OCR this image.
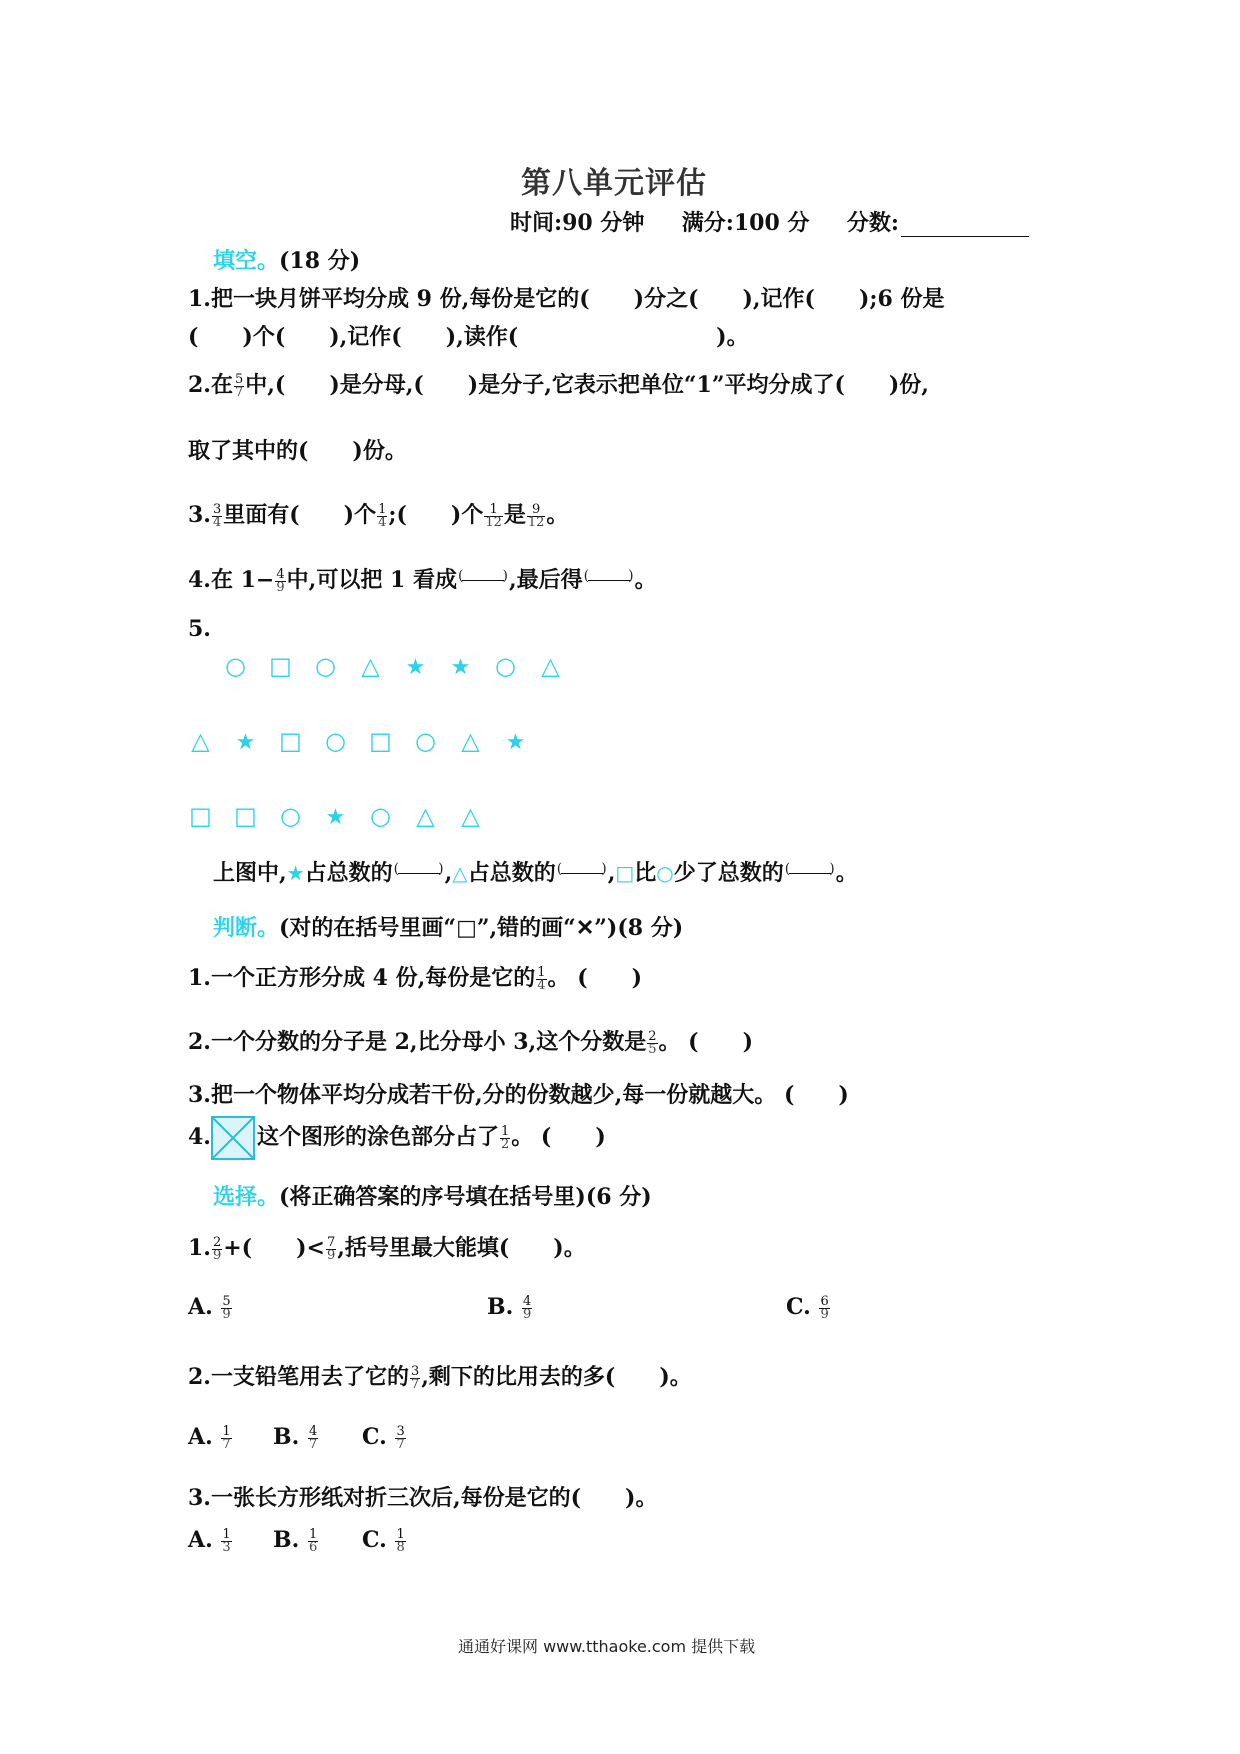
第八单元评估
时间:90 分钟 满分:100 分 分数:
填空。(18 分)
1.把一块月饼平均分成 9 份,每份是它的(　　)分之(　　),记作(　　);6 份是
(　　)个(　　),记作(　　),读作(　　　　　　　　　)。
2.在 $\frac{5}{7}$ 中,(　　)是分母,(　　)是分子,它表示把单位“1”平均分成了(　　)份,
取了其中的(　　)份。
3. $\frac{3}{4}$ 里面有(　　)个 $\frac{1}{4}$ ;(　　)个 $\frac{1}{12}$ 是 $\frac{9}{12}$ 。
4.在 $1- \frac{4}{9}$ 中,可以把 1 看成 (	) ,最后得 (	) 。
5.
○ □ ○ △ ★ ★ ○ △
△ ★ □ ○ □ ○ △ ★
□ □ ○ ★ ○ △ △
上图中,★占总数的 (	) ,△占总数的 (	) ,□比○少了总数的 (	) 。
判断。(对的在括号里画“□”,错的画“✕”)(8 分)
1.一个正方形分成 4 份,每份是它的 $\frac{1}{4}$ 。 (　　)
2.一个分数的分子是 2,比分母小 3,这个分数是 $\frac{2}{5}$ 。 (　　)
3.把一个物体平均分成若干份,分的份数越少,每一份就越大。 (　　)
4. 这个图形的涂色部分占了 $\frac{1}{2}$ 。 (　　)
选择。(将正确答案的序号填在括号里)(6 分)
1. $\frac{2}{9}$ +(　　)< $\frac{7}{9}$ ,括号里最大能填(　　)。
A. $\frac{5}{9}$	B. $\frac{4}{9}$	C. $\frac{6}{9}$
2.一支铅笔用去了它的 $\frac{3}{7}$ ,剩下的比用去的多(　　)。
A. $\frac{1}{7} B$. $\frac{4}{7} C$. $\frac{3}{7}$
3.一张长方形纸对折三次后,每份是它的(　　)。
A. $\frac{1}{3} B$. $\frac{1}{6} C$. $\frac{1}{8}$
通通好课网 www.tthaoke.com 提供下载
